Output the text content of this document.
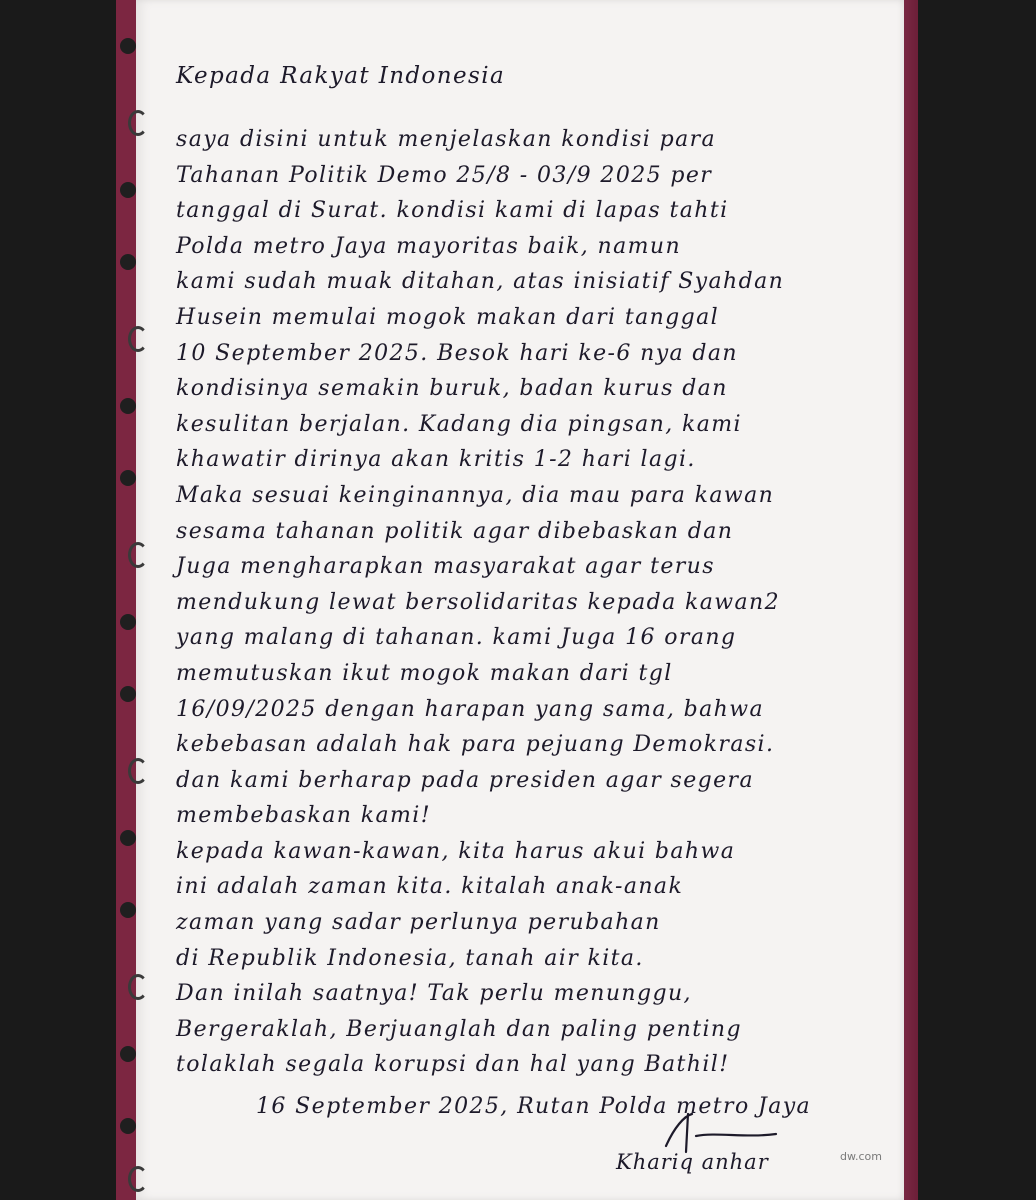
Kepada Rakyat Indonesia
saya disini untuk menjelaskan kondisi para
Tahanan Politik Demo 25/8 - 03/9 2025 per
tanggal di Surat. kondisi kami di lapas tahti
Polda metro Jaya mayoritas baik, namun
kami sudah muak ditahan, atas inisiatif Syahdan
Husein memulai mogok makan dari tanggal
10 September 2025. Besok hari ke-6 nya dan
kondisinya semakin buruk, badan kurus dan
kesulitan berjalan. Kadang dia pingsan, kami
khawatir dirinya akan kritis 1-2 hari lagi.
Maka sesuai keinginannya, dia mau para kawan
sesama tahanan politik agar dibebaskan dan
Juga mengharapkan masyarakat agar terus
mendukung lewat bersolidaritas kepada kawan2
yang malang di tahanan. kami Juga 16 orang
memutuskan ikut mogok makan dari tgl
16/09/2025 dengan harapan yang sama, bahwa
kebebasan adalah hak para pejuang Demokrasi.
dan kami berharap pada presiden agar segera
membebaskan kami!
kepada kawan-kawan, kita harus akui bahwa
ini adalah zaman kita. kitalah anak-anak
zaman yang sadar perlunya perubahan
di Republik Indonesia, tanah air kita.
Dan inilah saatnya! Tak perlu menunggu,
Bergeraklah, Berjuanglah dan paling penting
tolaklah segala korupsi dan hal yang Bathil!
16 September 2025, Rutan Polda metro Jaya
Khariq anhar	dw.com
